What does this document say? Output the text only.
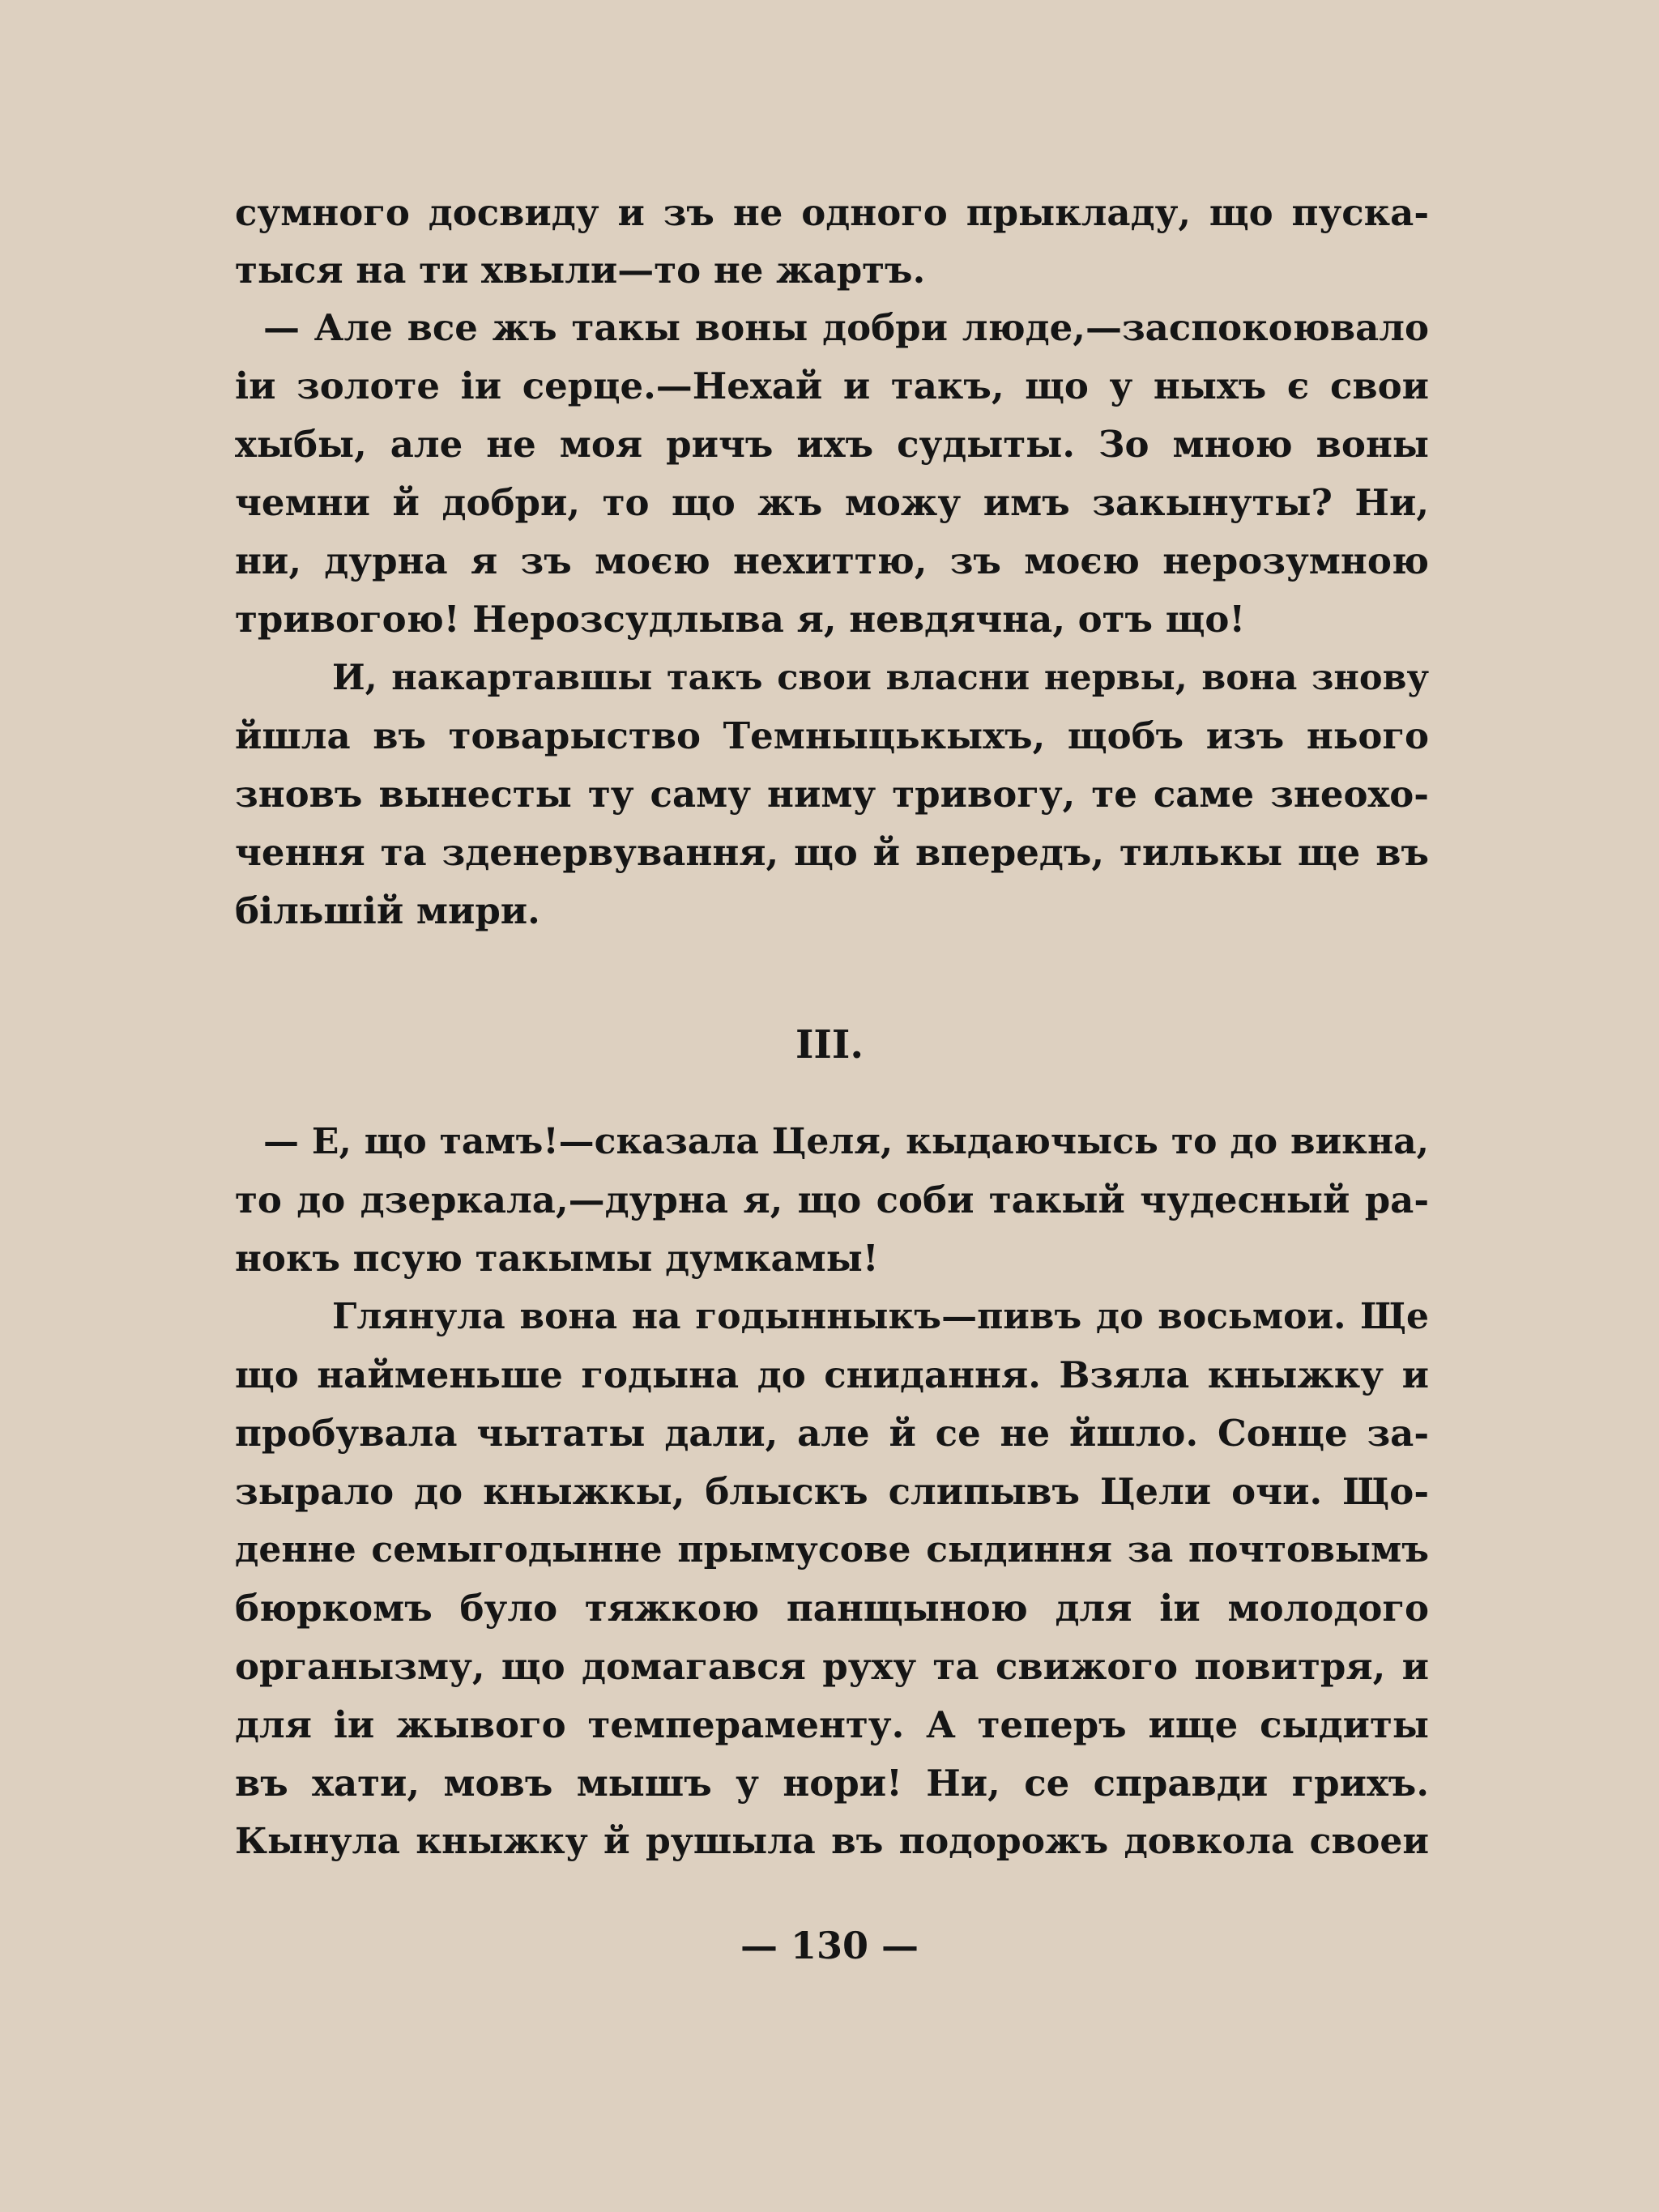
сумного досвиду и зъ не одного прыкладу, що пуска-
тыся на ти хвыли—то не жартъ.
— Але все жъ такы воны добри люде,—заспокоювало
іи золоте іи серце.—Нехай и такъ, що у ныхъ є свои
хыбы, але не моя ричъ ихъ судыты. Зо мною воны
чемни й добри, то що жъ можу имъ закынуты? Ни,
ни, дурна я зъ моєю нехиттю, зъ моєю нерозумною
тривогою! Нерозсудлыва я, невдячна, отъ що!
И, накартавшы такъ свои власни нервы, вона знову
йшла въ товарыство Темныцькыхъ, щобъ изъ нього
зновъ вынесты ту саму ниму тривогу, те саме знеохо-
чення та зденервування, що й впередъ, тилькы ще въ
більшій мири.
III.
— Е, що тамъ!—сказала Целя, кыдаючысь то до викна,
то до дзеркала,—дурна я, що соби такый чудесный ра-
нокъ псую такымы думкамы!
Глянула вона на годынныкъ—пивъ до восьмои. Ще
що найменьше годына до снидання. Взяла кныжку и
пробувала чытаты дали, але й се не йшло. Сонце за-
зырало до кныжкы, блыскъ слипывъ Цели очи. Що-
денне семыгодынне прымусове сыдиння за почтовымъ
бюркомъ було тяжкою панщыною для іи молодого
органызму, що домагався руху та свижого повитря, и
для іи жывого темпераменту. А теперъ ище сыдиты
въ хати, мовъ мышъ у нори! Ни, се справди грихъ.
Кынула кныжку й рушыла въ подорожъ довкола своеи
— 130 —
